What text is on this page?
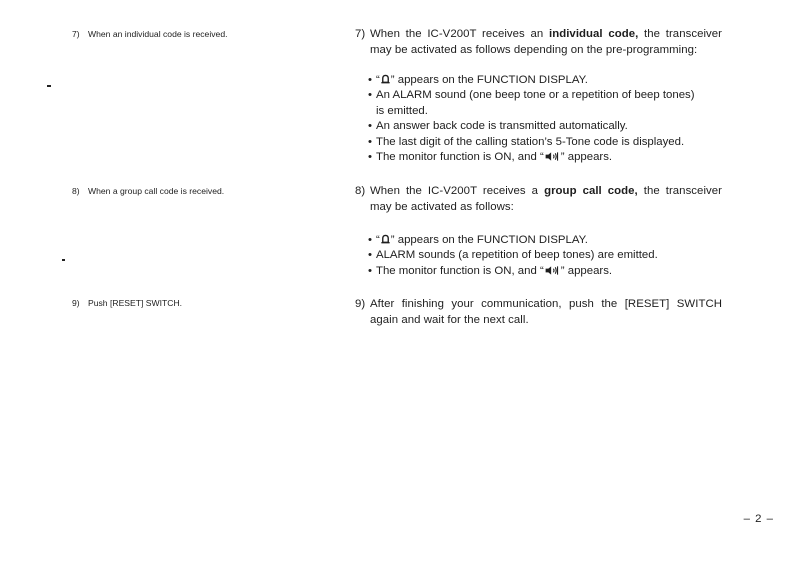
7) When an individual code is received.
8) When a group call code is received.
9) Push [RESET] SWITCH.
7) When the IC-V200T receives an individual code, the transceiver
may be activated as follows depending on the pre-programming:
• “ ” appears on the FUNCTION DISPLAY.
• An ALARM sound (one beep tone or a repetition of beep tones)
is emitted.
• An answer back code is transmitted automatically.
• The last digit of the calling station’s 5-Tone code is displayed.
• The monitor function is ON, and “ ” appears.
8) When the IC-V200T receives a group call code, the transceiver
may be activated as follows:
• “ ” appears on the FUNCTION DISPLAY.
• ALARM sounds (a repetition of beep tones) are emitted.
• The monitor function is ON, and “ ” appears.
9) After finishing your communication, push the [RESET] SWITCH
again and wait for the next call.
– 2 –
